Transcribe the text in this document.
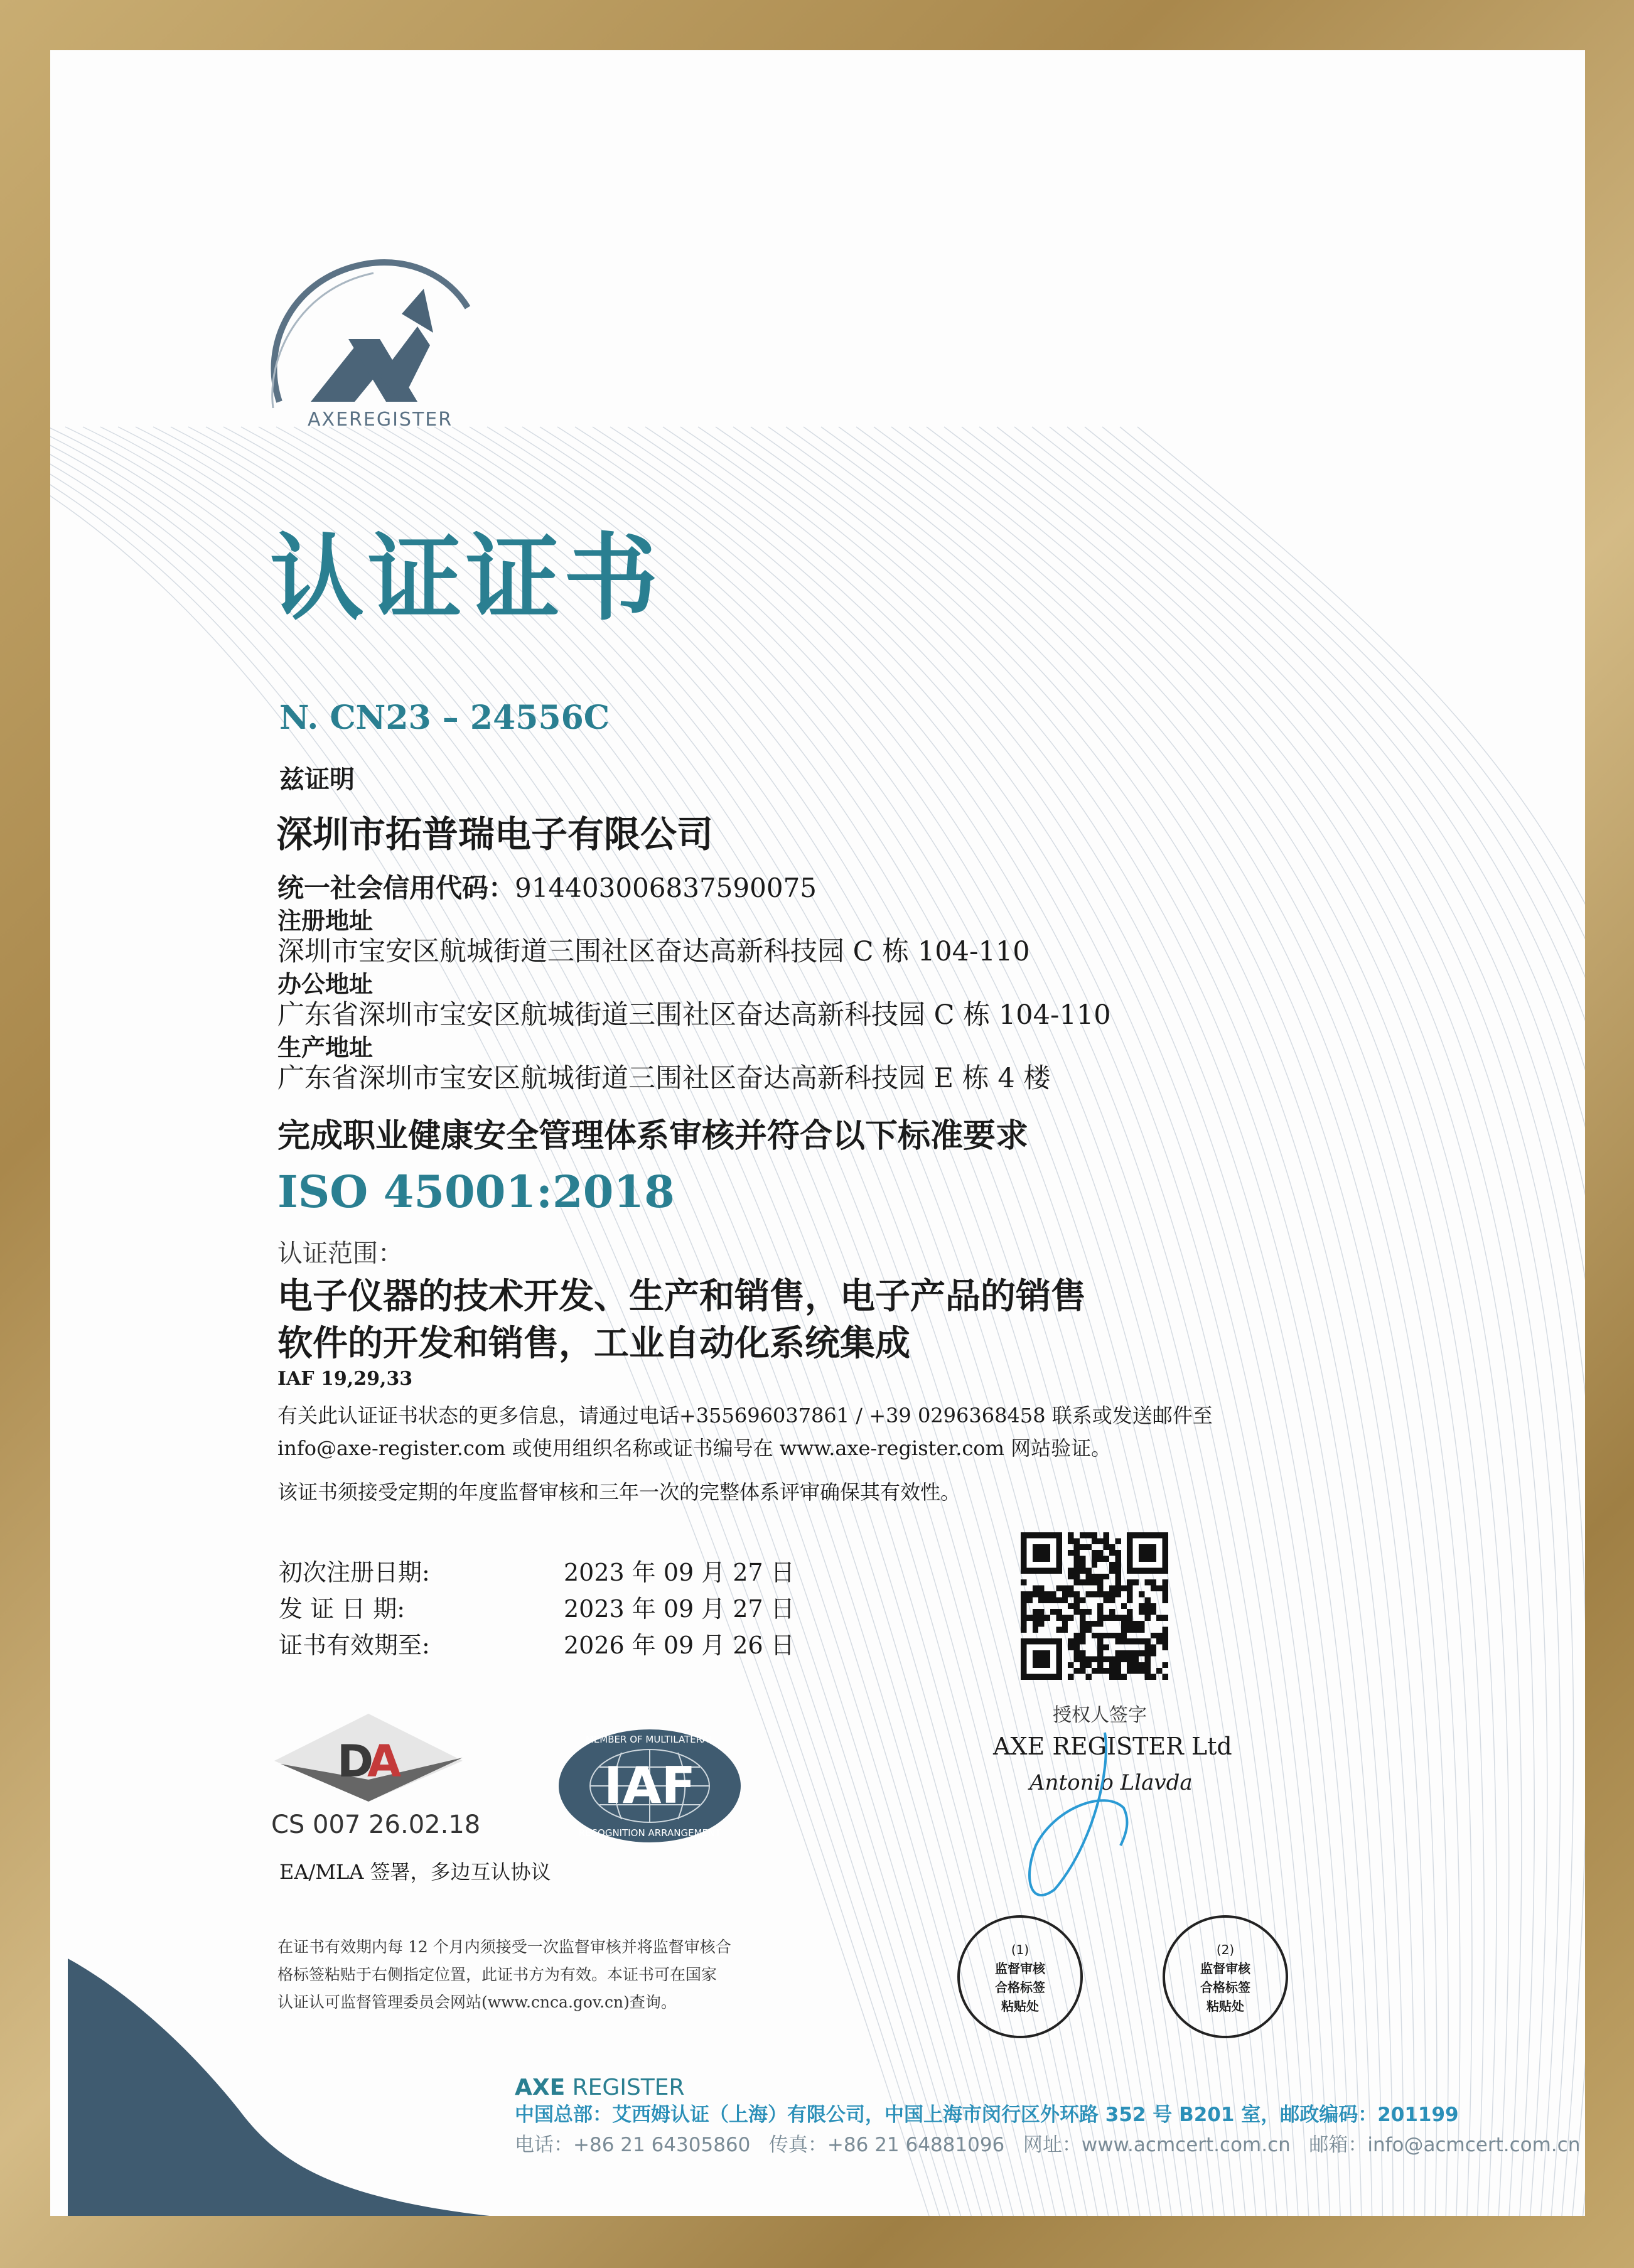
AXEREGISTER
认证证书
N. CN23 – 24556C
兹证明
深圳市拓普瑞电子有限公司
统一社会信用代码：914403006837590075
注册地址
深圳市宝安区航城街道三围社区奋达高新科技园 C 栋 104-110
办公地址
广东省深圳市宝安区航城街道三围社区奋达高新科技园 C 栋 104-110
生产地址
广东省深圳市宝安区航城街道三围社区奋达高新科技园 E 栋 4 楼
完成职业健康安全管理体系审核并符合以下标准要求
ISO 45001:2018
认证范围：
电子仪器的技术开发、生产和销售，电子产品的销售
软件的开发和销售，工业自动化系统集成
IAF 19,29,33
有关此认证证书状态的更多信息，请通过电话+355696037861 / +39 0296368458 联系或发送邮件至
info@axe-register.com 或使用组织名称或证书编号在 www.axe-register.com 网站验证。
该证书须接受定期的年度监督审核和三年一次的完整体系评审确保其有效性。
初次注册日期:	2023 年 09 月 27 日
发 证 日 期:	2023 年 09 月 27 日
证书有效期至:	2026 年 09 月 26 日
授权人签字
AXE REGISTER Ltd
Antonio Llavda
D
A
CS 007 26.02.18
IAF
MEMBER OF MULTILATERAL
RECOGNITION ARRANGEMENT
EA/MLA 签署，多边互认协议
在证书有效期内每 12 个月内须接受一次监督审核并将监督审核合
格标签粘贴于右侧指定位置，此证书方为有效。本证书可在国家
认证认可监督管理委员会网站(www.cnca.gov.cn)查询。
(1)
监督审核
合格标签
粘贴处
(2)
监督审核
合格标签
粘贴处
AXE REGISTER
中国总部：艾西姆认证（上海）有限公司，中国上海市闵行区外环路 352 号 B201 室，邮政编码：201199
电话：+86 21 64305860   传真：+86 21 64881096   网址：www.acmcert.com.cn   邮箱：info@acmcert.com.cn
